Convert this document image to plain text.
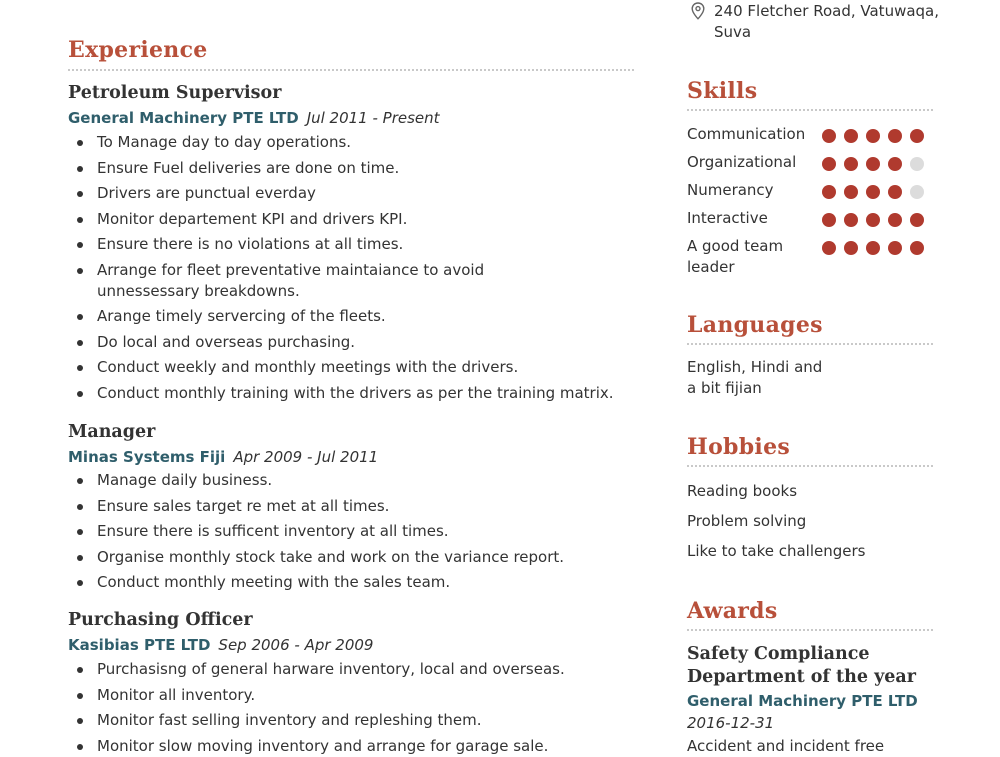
Experience
Petroleum Supervisor
General Machinery PTE LTD Jul 2011 - Present
To Manage day to day operations.
Ensure Fuel deliveries are done on time.
Drivers are punctual everday
Monitor departement KPI and drivers KPI.
Ensure there is no violations at all times.
Arrange for fleet preventative maintaiance to avoid unnessessary breakdowns.
Arange timely servercing of the fleets.
Do local and overseas purchasing.
Conduct weekly and monthly meetings with the drivers.
Conduct monthly training with the drivers as per the training matrix.
Manager
Minas Systems Fiji Apr 2009 - Jul 2011
Manage daily business.
Ensure sales target re met at all times.
Ensure there is sufficent inventory at all times.
Organise monthly stock take and work on the variance report.
Conduct monthly meeting with the sales team.
Purchasing Officer
Kasibias PTE LTD Sep 2006 - Apr 2009
Purchasisng of general harware inventory, local and overseas.
Monitor all inventory.
Monitor fast selling inventory and repleshing them.
Monitor slow moving inventory and arrange for garage sale.
240 Fletcher Road, Vatuwaqa,
Suva
Skills
Communication
Organizational
Numerancy
Interactive
A good team leader
Languages
English, Hindi and a bit fijian
Hobbies
Reading books
Problem solving
Like to take challengers
Awards
Safety Compliance Department of the year
General Machinery PTE LTD
2016-12-31
Accident and incident free
